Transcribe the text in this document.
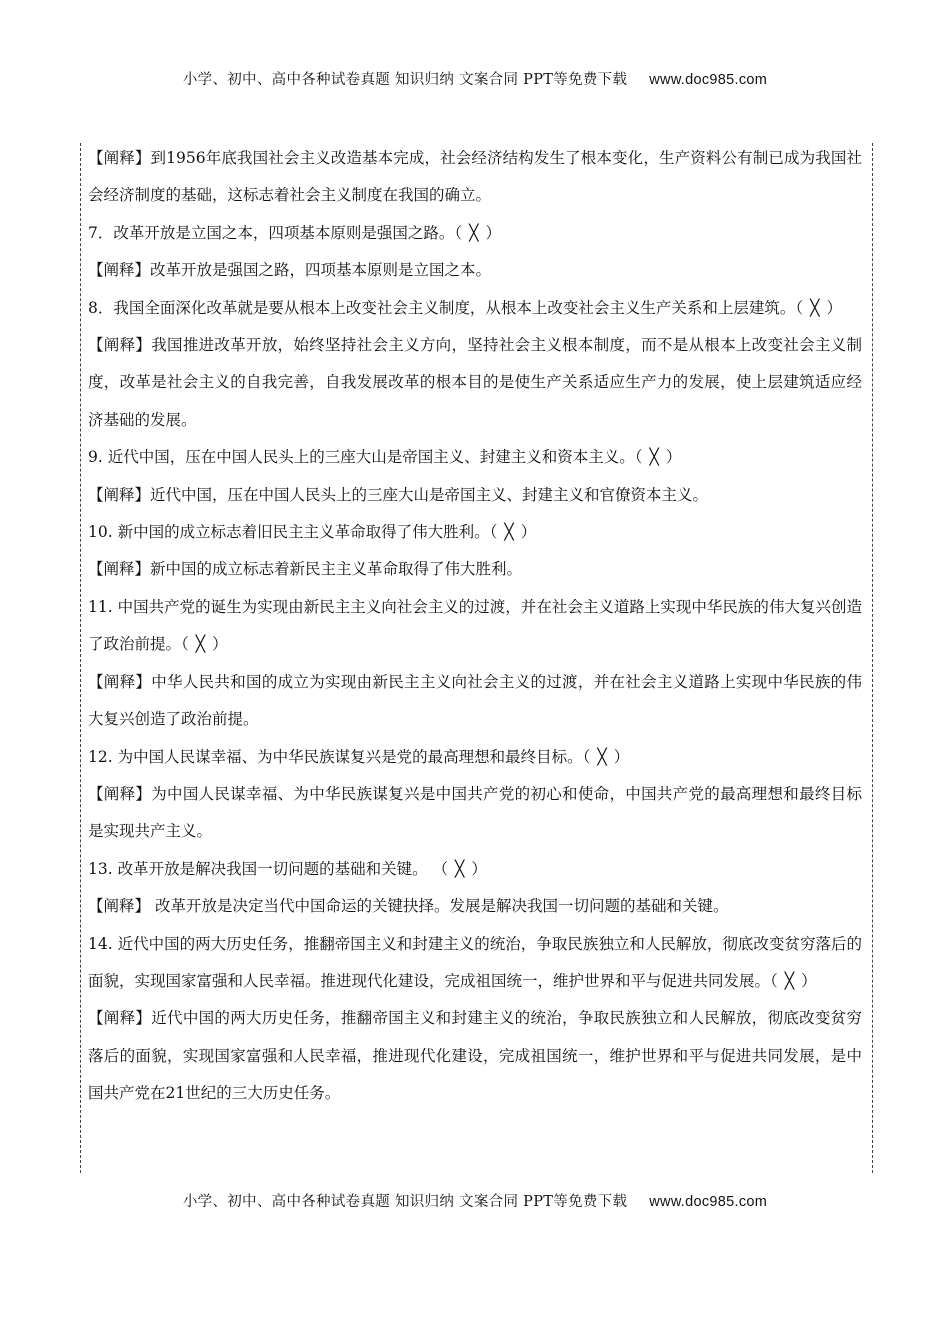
小学、初中、高中各种试卷真题 知识归纳 文案合同 PPT等免费下载 www.doc985.com

【阐释】到1956年底我国社会主义改造基本完成，社会经济结构发生了根本变化，生产资料公有制已成为我国社会经济制度的基础，这标志着社会主义制度在我国的确立。

7．改革开放是立国之本，四项基本原则是强国之路。（ ╳ ）

【阐释】改革开放是强国之路，四项基本原则是立国之本。

8．我国全面深化改革就是要从根本上改变社会主义制度，从根本上改变社会主义生产关系和上层建筑。（ ╳ ）

【阐释】我国推进改革开放，始终坚持社会主义方向，坚持社会主义根本制度，而不是从根本上改变社会主义制度，改革是社会主义的自我完善，自我发展改革的根本目的是使生产关系适应生产力的发展，使上层建筑适应经济基础的发展。

9. 近代中国，压在中国人民头上的三座大山是帝国主义、封建主义和资本主义。（ ╳ ）

【阐释】近代中国，压在中国人民头上的三座大山是帝国主义、封建主义和官僚资本主义。

10. 新中国的成立标志着旧民主主义革命取得了伟大胜利。（ ╳ ）

【阐释】新中国的成立标志着新民主主义革命取得了伟大胜利。

11. 中国共产党的诞生为实现由新民主主义向社会主义的过渡，并在社会主义道路上实现中华民族的伟大复兴创造了政治前提。（ ╳ ）

【阐释】中华人民共和国的成立为实现由新民主主义向社会主义的过渡，并在社会主义道路上实现中华民族的伟大复兴创造了政治前提。

12. 为中国人民谋幸福、为中华民族谋复兴是党的最高理想和最终目标。（ ╳ ）

【阐释】为中国人民谋幸福、为中华民族谋复兴是中国共产党的初心和使命，中国共产党的最高理想和最终目标是实现共产主义。

13. 改革开放是解决我国一切问题的基础和关键。 （ ╳ ）

【阐释】 改革开放是决定当代中国命运的关键抉择。发展是解决我国一切问题的基础和关键。

14. 近代中国的两大历史任务，推翻帝国主义和封建主义的统治，争取民族独立和人民解放，彻底改变贫穷落后的面貌，实现国家富强和人民幸福。推进现代化建设，完成祖国统一，维护世界和平与促进共同发展。（ ╳ ）

【阐释】近代中国的两大历史任务，推翻帝国主义和封建主义的统治，争取民族独立和人民解放，彻底改变贫穷落后的面貌，实现国家富强和人民幸福，推进现代化建设，完成祖国统一，维护世界和平与促进共同发展，是中国共产党在21世纪的三大历史任务。

小学、初中、高中各种试卷真题 知识归纳 文案合同 PPT等免费下载 www.doc985.com
